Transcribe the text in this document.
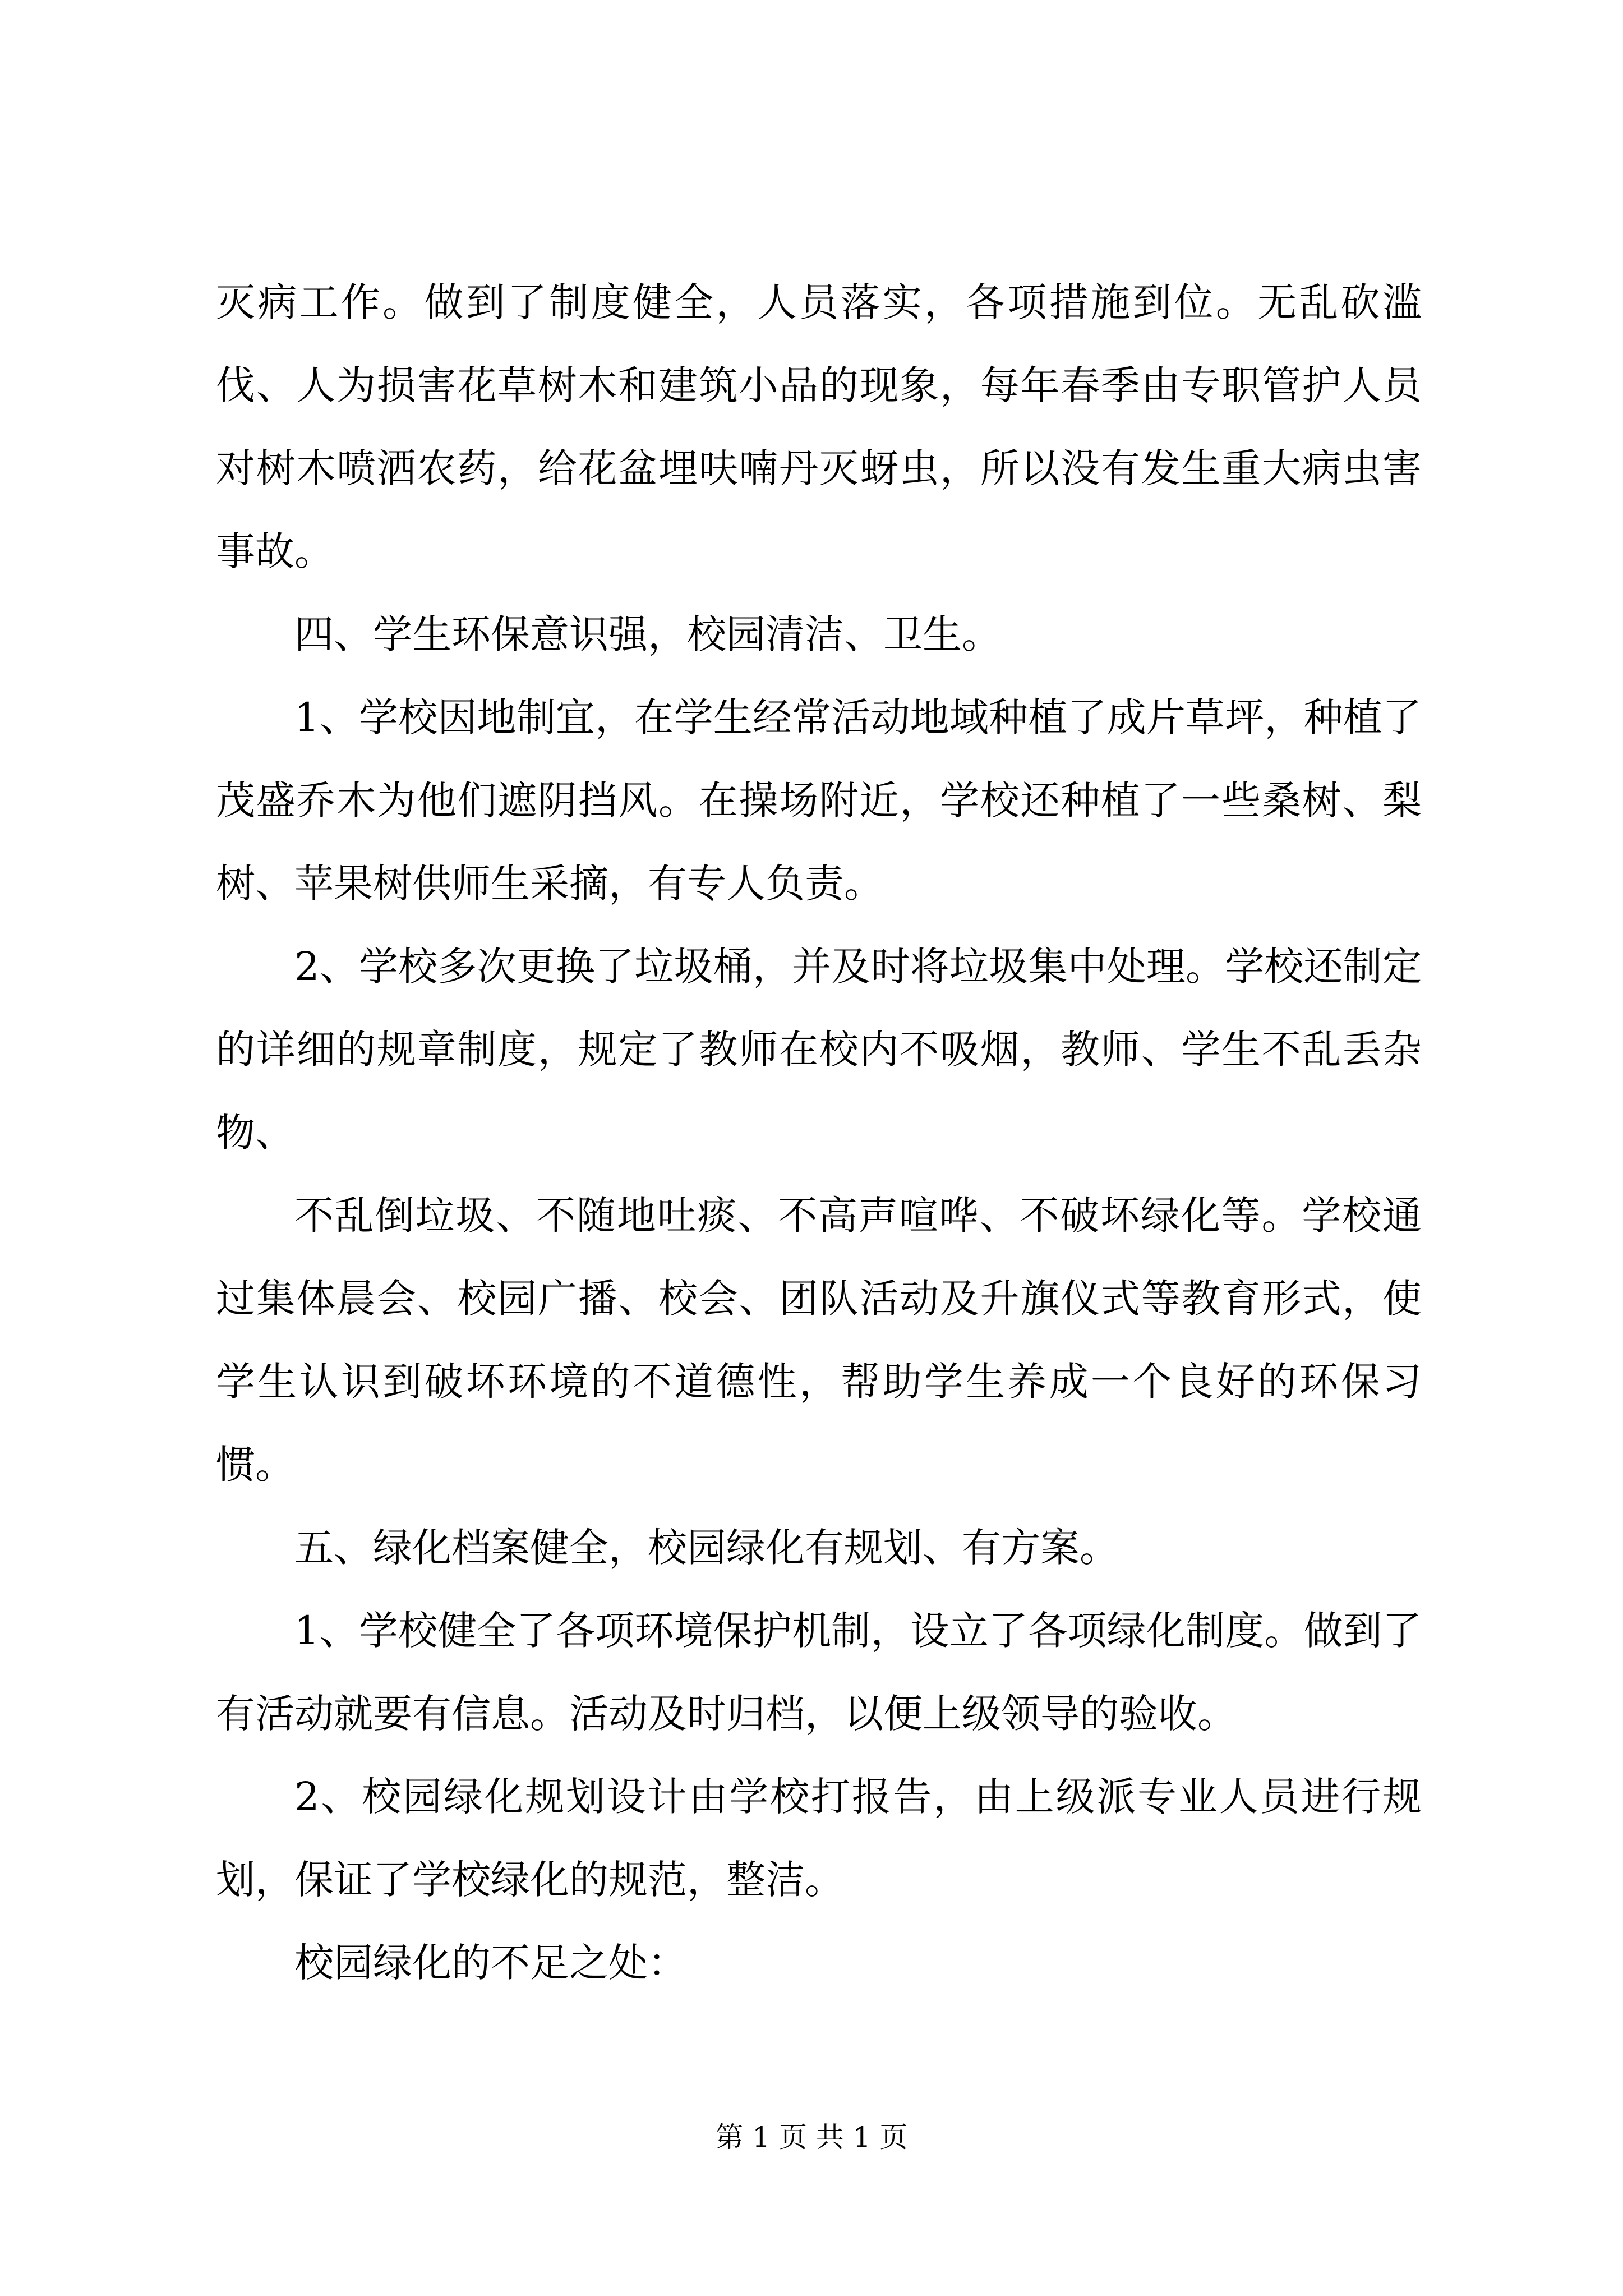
灭病工作。做到了制度健全，人员落实，各项措施到位。无乱砍滥伐、人为损害花草树木和建筑小品的现象，每年春季由专职管护人员对树木喷洒农药，给花盆埋呋喃丹灭蚜虫，所以没有发生重大病虫害事故。

四、学生环保意识强，校园清洁、卫生。

1、学校因地制宜，在学生经常活动地域种植了成片草坪，种植了茂盛乔木为他们遮阴挡风。在操场附近，学校还种植了一些桑树、梨树、苹果树供师生采摘，有专人负责。

2、学校多次更换了垃圾桶，并及时将垃圾集中处理。学校还制定的详细的规章制度，规定了教师在校内不吸烟，教师、学生不乱丢杂物、

不乱倒垃圾、不随地吐痰、不高声喧哗、不破坏绿化等。学校通过集体晨会、校园广播、校会、团队活动及升旗仪式等教育形式，使学生认识到破坏环境的不道德性，帮助学生养成一个良好的环保习惯。

五、绿化档案健全，校园绿化有规划、有方案。

1、学校健全了各项环境保护机制，设立了各项绿化制度。做到了有活动就要有信息。活动及时归档，以便上级领导的验收。

2、校园绿化规划设计由学校打报告，由上级派专业人员进行规划，保证了学校绿化的规范，整洁。

校园绿化的不足之处：

第 1 页 共 1 页
